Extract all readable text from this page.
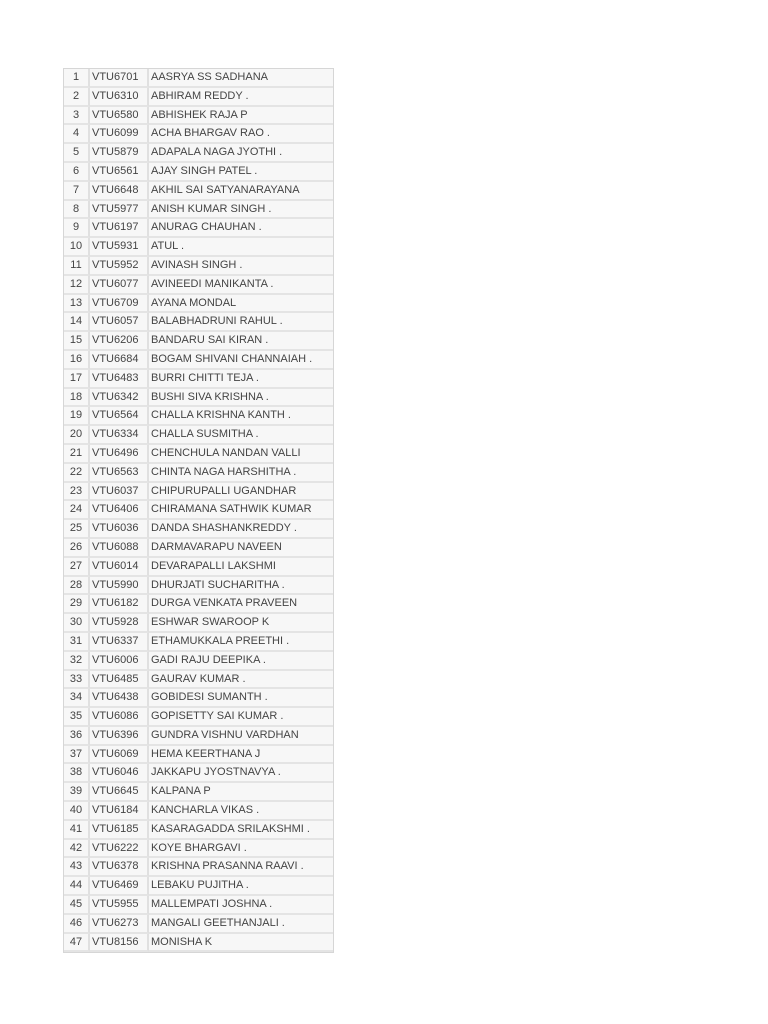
1	VTU6701	AASRYA SS SADHANA
2	VTU6310	ABHIRAM REDDY .
3	VTU6580	ABHISHEK RAJA P
4	VTU6099	ACHA BHARGAV RAO .
5	VTU5879	ADAPALA NAGA JYOTHI .
6	VTU6561	AJAY SINGH PATEL .
7	VTU6648	AKHIL SAI SATYANARAYANA
8	VTU5977	ANISH KUMAR SINGH .
9	VTU6197	ANURAG CHAUHAN .
10	VTU5931	ATUL .
11	VTU5952	AVINASH SINGH .
12	VTU6077	AVINEEDI MANIKANTA .
13	VTU6709	AYANA MONDAL
14	VTU6057	BALABHADRUNI RAHUL .
15	VTU6206	BANDARU SAI KIRAN .
16	VTU6684	BOGAM SHIVANI CHANNAIAH .
17	VTU6483	BURRI CHITTI TEJA .
18	VTU6342	BUSHI SIVA KRISHNA .
19	VTU6564	CHALLA KRISHNA KANTH .
20	VTU6334	CHALLA SUSMITHA .
21	VTU6496	CHENCHULA NANDAN VALLI
22	VTU6563	CHINTA NAGA HARSHITHA .
23	VTU6037	CHIPURUPALLI UGANDHAR
24	VTU6406	CHIRAMANA SATHWIK KUMAR
25	VTU6036	DANDA SHASHANKREDDY .
26	VTU6088	DARMAVARAPU NAVEEN
27	VTU6014	DEVARAPALLI LAKSHMI
28	VTU5990	DHURJATI SUCHARITHA .
29	VTU6182	DURGA VENKATA PRAVEEN
30	VTU5928	ESHWAR SWAROOP K
31	VTU6337	ETHAMUKKALA PREETHI .
32	VTU6006	GADI RAJU DEEPIKA .
33	VTU6485	GAURAV KUMAR .
34	VTU6438	GOBIDESI SUMANTH .
35	VTU6086	GOPISETTY SAI KUMAR .
36	VTU6396	GUNDRA VISHNU VARDHAN
37	VTU6069	HEMA KEERTHANA J
38	VTU6046	JAKKAPU JYOSTNAVYA .
39	VTU6645	KALPANA P
40	VTU6184	KANCHARLA VIKAS .
41	VTU6185	KASARAGADDA SRILAKSHMI .
42	VTU6222	KOYE BHARGAVI .
43	VTU6378	KRISHNA PRASANNA RAAVI .
44	VTU6469	LEBAKU PUJITHA .
45	VTU5955	MALLEMPATI JOSHNA .
46	VTU6273	MANGALI GEETHANJALI .
47	VTU8156	MONISHA K
